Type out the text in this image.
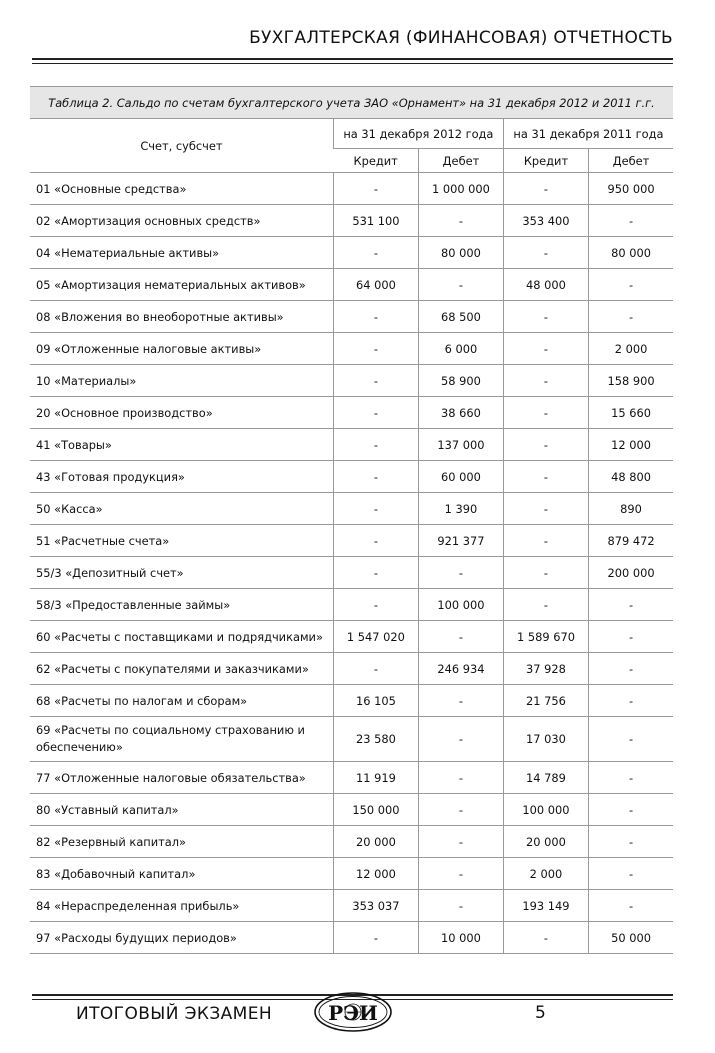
БУХГАЛТЕРСКАЯ (ФИНАНСОВАЯ) ОТЧЕТНОСТЬ
Таблица 2. Сальдо по счетам бухгалтерского учета ЗАО «Орнамент» на 31 декабря 2012 и 2011 г.г.				
Счет, субсчет	на 31 декабря 2012 года		на 31 декабря 2011 года	
	Кредит	Дебет	Кредит	Дебет
01 «Основные средства»	-	1 000 000	-	950 000
02 «Амортизация основных средств»	531 100	-	353 400	-
04 «Нематериальные активы»	-	80 000	-	80 000
05 «Амортизация нематериальных активов»	64 000	-	48 000	-
08 «Вложения во внеоборотные активы»	-	68 500	-	-
09 «Отложенные налоговые активы»	-	6 000	-	2 000
10 «Материалы»	-	58 900	-	158 900
20 «Основное производство»	-	38 660	-	15 660
41 «Товары»	-	137 000	-	12 000
43 «Готовая продукция»	-	60 000	-	48 800
50 «Касса»	-	1 390	-	890
51 «Расчетные счета»	-	921 377	-	879 472
55/3 «Депозитный счет»	-	-	-	200 000
58/3 «Предоставленные займы»	-	100 000	-	-
60 «Расчеты с поставщиками и подрядчиками»	1 547 020	-	1 589 670	-
62 «Расчеты с покупателями и заказчиками»	-	246 934	37 928	-
68 «Расчеты по налогам и сборам»	16 105	-	21 756	-
69 «Расчеты по социальному страхованию и обеспечению»	23 580	-	17 030	-
77 «Отложенные налоговые обязательства»	11 919	-	14 789	-
80 «Уставный капитал»	150 000	-	100 000	-
82 «Резервный капитал»	20 000	-	20 000	-
83 «Добавочный капитал»	12 000	-	2 000	-
84 «Нераспределенная прибыль»	353 037	-	193 149	-
97 «Расходы будущих периодов»	-	10 000	-	50 000
ИТОГОВЫЙ ЭКЗАМЕН	РЭИ	5
